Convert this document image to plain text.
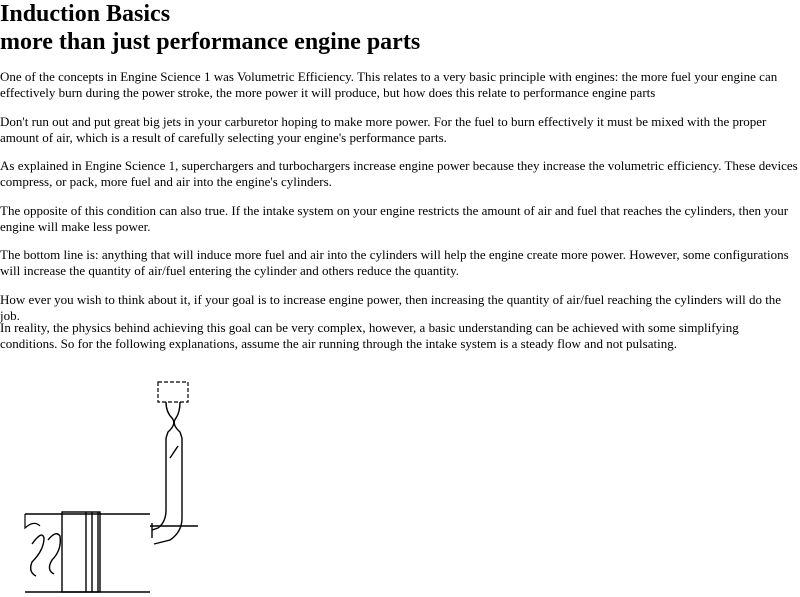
Induction Basics
more than just performance engine parts

One of the concepts in Engine Science 1 was Volumetric Efficiency. This relates to a very basic principle with engines: the more fuel your engine can effectively burn during the power stroke, the more power it will produce, but how does this relate to performance engine parts

Don't run out and put great big jets in your carburetor hoping to make more power. For the fuel to burn effectively it must be mixed with the proper amount of air, which is a result of carefully selecting your engine's performance parts.

As explained in Engine Science 1, superchargers and turbochargers increase engine power because they increase the volumetric efficiency. These devices compress, or pack, more fuel and air into the engine's cylinders.

The opposite of this condition can also true. If the intake system on your engine restricts the amount of air and fuel that reaches the cylinders, then your engine will make less power.

The bottom line is: anything that will induce more fuel and air into the cylinders will help the engine create more power. However, some configurations will increase the quantity of air/fuel entering the cylinder and others reduce the quantity.

How ever you wish to think about it, if your goal is to increase engine power, then increasing the quantity of air/fuel reaching the cylinders will do the job.

In reality, the physics behind achieving this goal can be very complex, however, a basic understanding can be achieved with some simplifying conditions. So for the following explanations, assume the air running through the intake system is a steady flow and not pulsating.
